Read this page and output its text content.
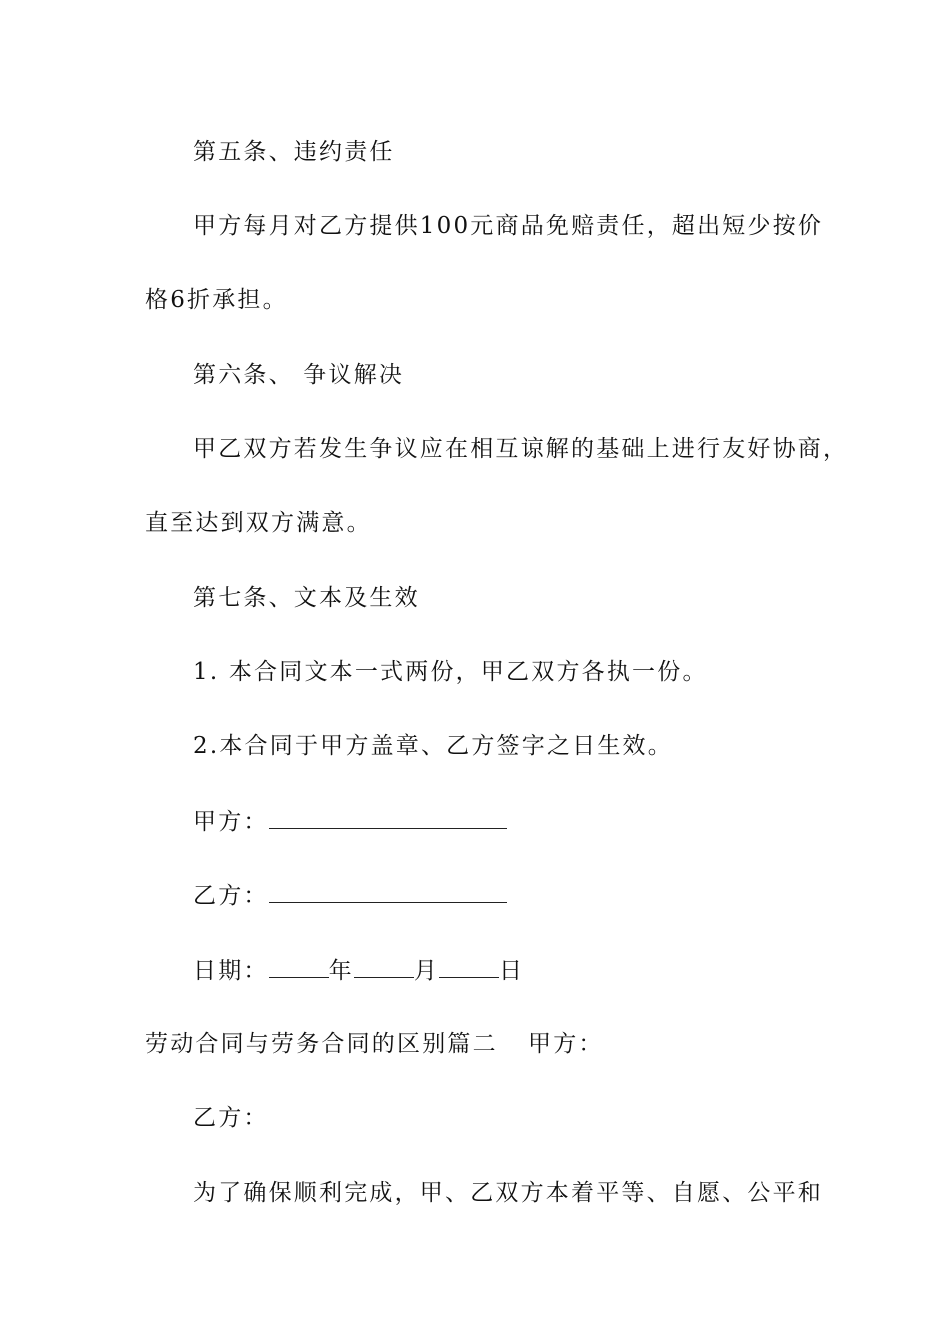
第五条、违约责任
甲方每月对乙方提供100元商品免赔责任，超出短少按价
格6折承担。
第六条、 争议解决
甲乙双方若发生争议应在相互谅解的基础上进行友好协商，
直至达到双方满意。
第七条、文本及生效
1. 本合同文本一式两份，甲乙双方各执一份。
2.本合同于甲方盖章、乙方签字之日生效。
甲方：
乙方：
日期：	年	月	日
劳动合同与劳务合同的区别篇二 甲方：
乙方：
为了确保顺利完成，甲、乙双方本着平等、自愿、公平和
